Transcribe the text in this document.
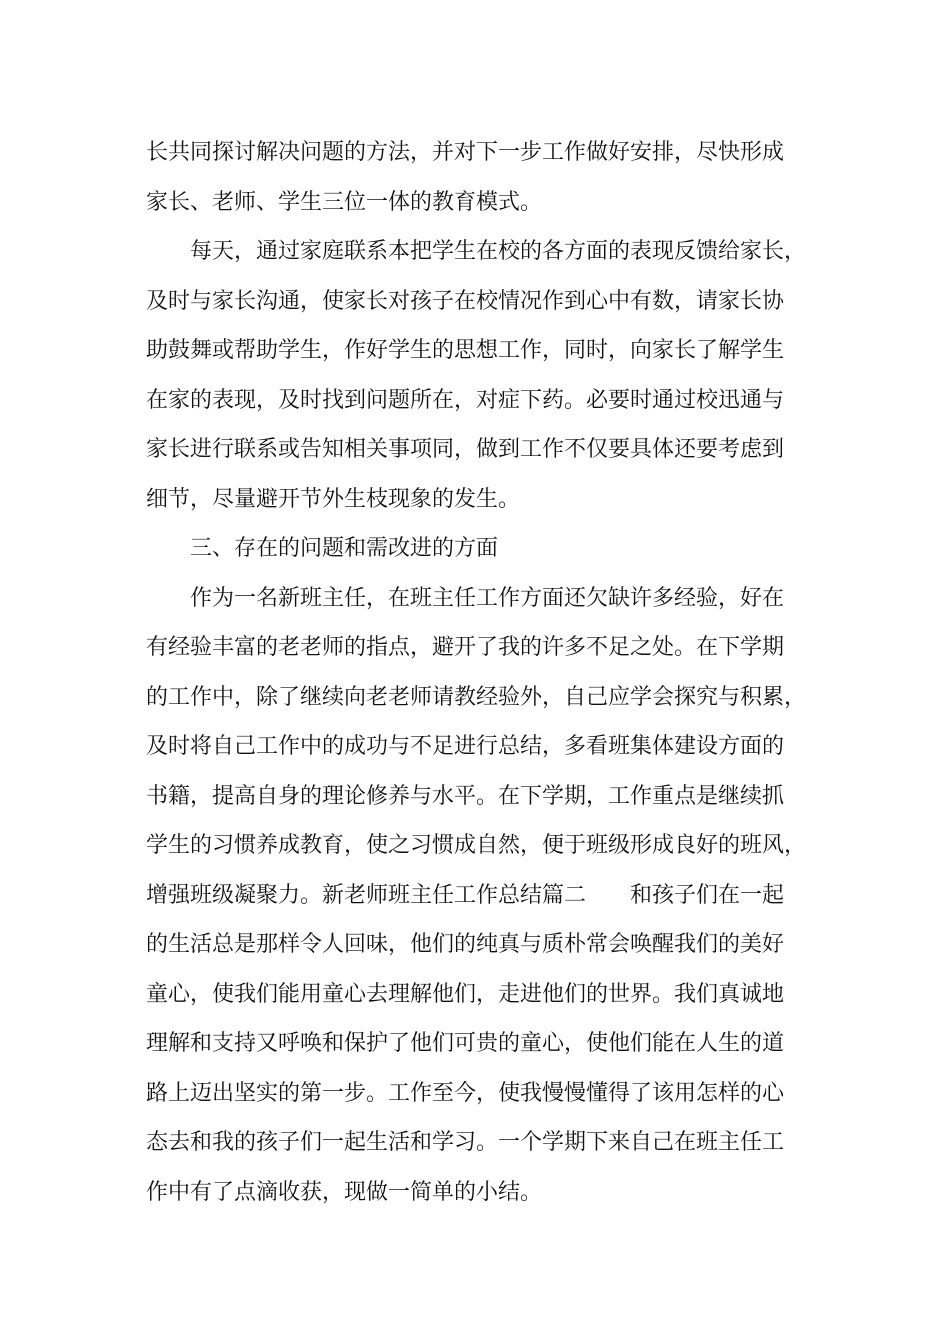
长共同探讨解决问题的方法，并对下一步工作做好安排，尽快形成
家长、老师、学生三位一体的教育模式。
每天，通过家庭联系本把学生在校的各方面的表现反馈给家长，
及时与家长沟通，使家长对孩子在校情况作到心中有数，请家长协
助鼓舞或帮助学生，作好学生的思想工作，同时，向家长了解学生
在家的表现，及时找到问题所在，对症下药。必要时通过校迅通与
家长进行联系或告知相关事项同，做到工作不仅要具体还要考虑到
细节，尽量避开节外生枝现象的发生。
三、存在的问题和需改进的方面
作为一名新班主任，在班主任工作方面还欠缺许多经验，好在
有经验丰富的老老师的指点，避开了我的许多不足之处。在下学期
的工作中，除了继续向老老师请教经验外，自己应学会探究与积累，
及时将自己工作中的成功与不足进行总结，多看班集体建设方面的
书籍，提高自身的理论修养与水平。在下学期，工作重点是继续抓
学生的习惯养成教育，使之习惯成自然，便于班级形成良好的班风，
增强班级凝聚力。新老师班主任工作总结篇二 和孩子们在一起
的生活总是那样令人回味，他们的纯真与质朴常会唤醒我们的美好
童心，使我们能用童心去理解他们，走进他们的世界。我们真诚地
理解和支持又呼唤和保护了他们可贵的童心，使他们能在人生的道
路上迈出坚实的第一步。工作至今，使我慢慢懂得了该用怎样的心
态去和我的孩子们一起生活和学习。一个学期下来自己在班主任工
作中有了点滴收获，现做一简单的小结。
